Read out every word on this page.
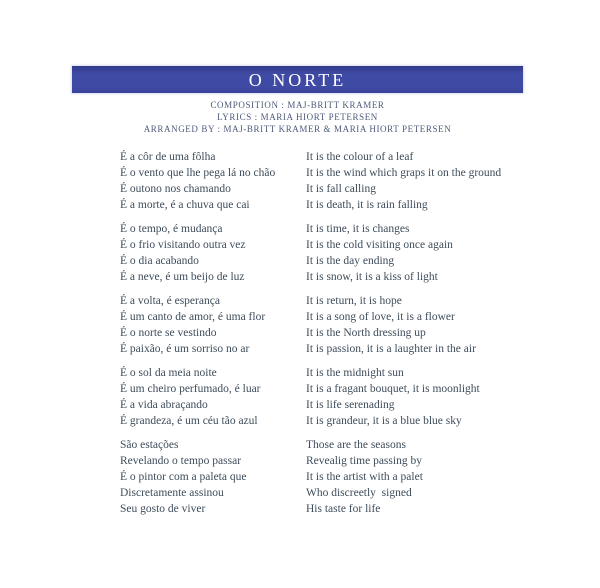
O NORTE
COMPOSITION : MAJ-BRITT KRAMER
LYRICS : MARIA HIORT PETERSEN
ARRANGED BY : MAJ-BRITT KRAMER & MARIA HIORT PETERSEN
É a côr de uma fôlha	It is the colour of a leaf
É o vento que lhe pega lá no chão	It is the wind which graps it on the ground
É outono nos chamando	It is fall calling
É a morte, é a chuva que cai	It is death, it is rain falling
É o tempo, é mudança	It is time, it is changes
É o frio visitando outra vez	It is the cold visiting once again
É o dia acabando	It is the day ending
É a neve, é um beijo de luz	It is snow, it is a kiss of light
É a volta, é esperança	It is return, it is hope
É um canto de amor, é uma flor	It is a song of love, it is a flower
É o norte se vestindo	It is the North dressing up
É paixão, é um sorriso no ar	It is passion, it is a laughter in the air
É o sol da meia noite	It is the midnight sun
É um cheiro perfumado, é luar	It is a fragant bouquet, it is moonlight
É a vida abraçando	It is life serenading
É grandeza, é um céu tão azul	It is grandeur, it is a blue blue sky
São estações	Those are the seasons
Revelando o tempo passar	Revealig time passing by
É o pintor com a paleta que	It is the artist with a palet
Discretamente assinou	Who discreetly  signed
Seu gosto de viver	His taste for life
